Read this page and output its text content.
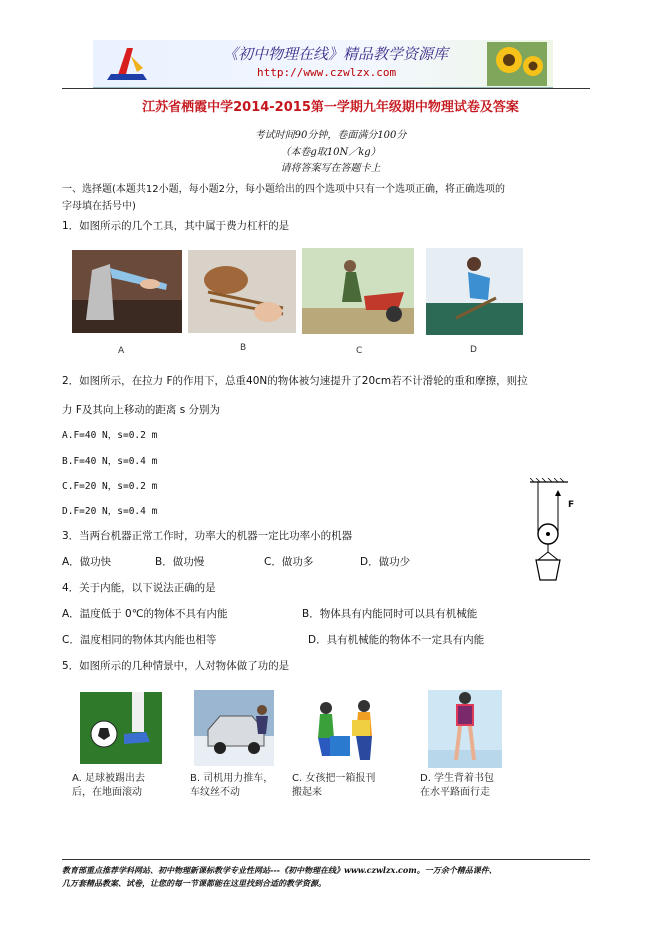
《初中物理在线》精品教学资源库
http://www.czwlzx.com
江苏省栖霞中学2014-2015第一学期九年级期中物理试卷及答案
考试时间90分钟，卷面满分100分
（本卷g取10N／kg）
请将答案写在答题卡上
一、选择题(本题共12小题，每小题2分，每小题给出的四个选项中只有一个选项正确，将正确选项的
字母填在括号中)
1．如图所示的几个工具，其中属于费力杠杆的是
A	B	C	D
2．如图所示，在拉力 F的作用下，总重40N的物体被匀速提升了20cm若不计滑轮的重和摩擦，则拉
力 F及其向上移动的距离 s 分别为
A.F=40 N，s=0.2 m
B.F=40 N，s=0.4 m
C.F=20 N，s=0.2 m
D.F=20 N，s=0.4 m
F
3．当两台机器正常工作时，功率大的机器一定比功率小的机器
A．做功快	B．做功慢	C．做功多	D．做功少
4．关于内能，以下说法正确的是
A．温度低于 0℃的物体不具有内能	B．物体具有内能同时可以具有机械能
C．温度相同的物体其内能也相等	D．具有机械能的物体不一定具有内能
5．如图所示的几种情景中，人对物体做了功的是
A. 足球被踢出去
后，在地面滚动
B. 司机用力推车，
车纹丝不动
C. 女孩把一箱报刊
搬起来
D. 学生背着书包
在水平路面行走
教育部重点推荐学科网站、初中物理新课标教学专业性网站---《初中物理在线》www.czwlzx.com。一万余个精品课件、
几万套精品教案、试卷，让您的每一节课都能在这里找到合适的教学资源。
